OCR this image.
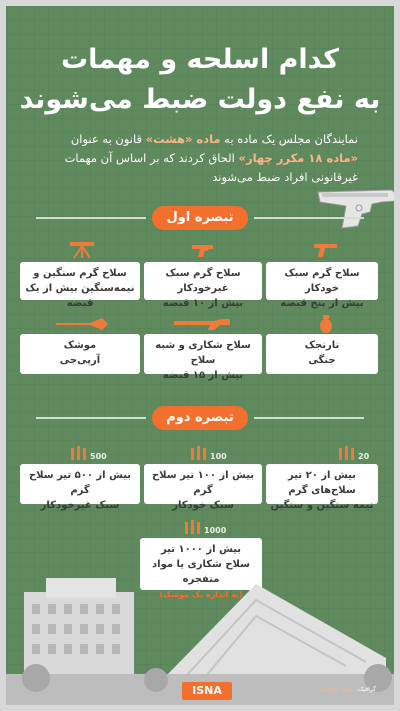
کدام اسلحه و مهمات
به نفع دولت ضبط می‌شوند
نمایندگان مجلس یک ماده به ماده «هشت» قانون به عنوان «ماده ۱۸ مکرر چهار» الحاق کردند که بر اساس آن مهمات غیرقانونی افراد ضبط می‌شوند
تبصره اول
سلاح گرم سبک خودکار
بیش از پنج قبضه
سلاح گرم سبک غیرخودکار
بیش از ۱۰ قبضه
سلاح گرم سنگین و
نیمه‌سنگین بیش از یک قبضه
نارنجک
جنگی
سلاح شکاری و شبه سلاح
بیش از ۱۵ قبضه
موشک
آرپی‌جی
تبصره دوم
20
100
500
بیش از ۲۰ تیر سلاح‌های گرم
نیمه سنگین و سنگین
بیش از ۱۰۰ تیر سلاح گرم
سبک خودکار
بیش از ۵۰۰ تیر سلاح گرم
سبک غیرخودکار
1000
بیش از ۱۰۰۰ تیر
سلاح شکاری یا مواد منفجره
(به اندازه یک موشک)
ISNA	گرافیک: مهدی نوازنده
